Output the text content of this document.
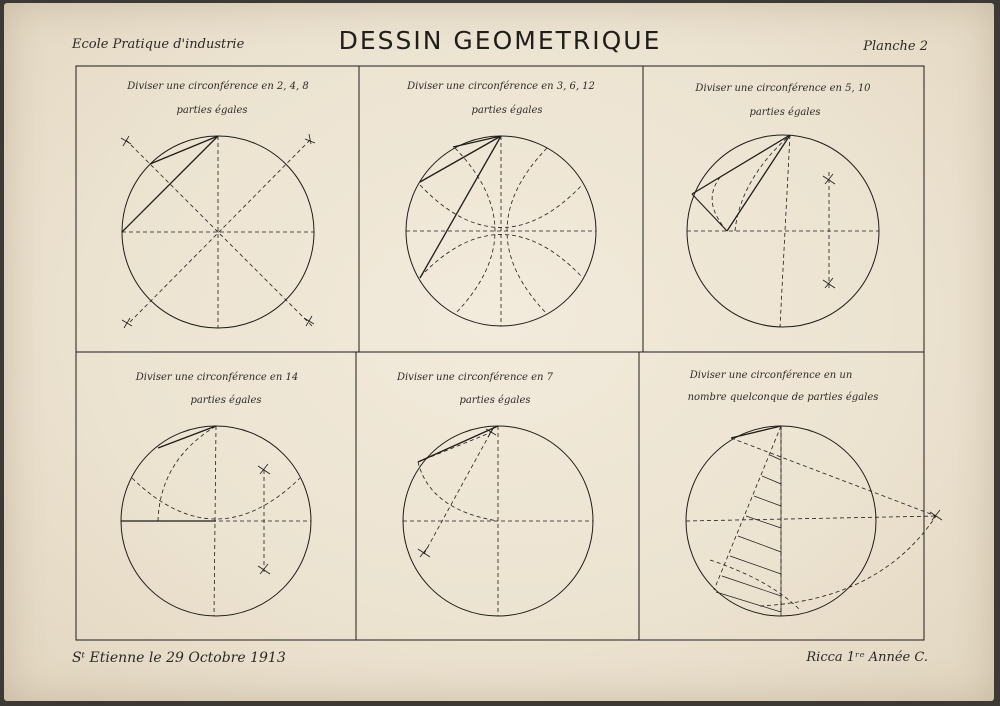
Ecole Pratique d'industrie	DESSIN GEOMETRIQUE	Planche 2
Diviser une circonférence en 2, 4, 8
parties égales
Diviser une circonférence en 3, 6, 12
parties égales
Diviser une circonférence en 5, 10
parties égales
Diviser une circonférence en 14
parties égales
Diviser une circonférence en 7
parties égales
Diviser une circonférence en un
nombre quelconque de parties égales
Sᵗ Etienne le 29 Octobre 1913	Ricca 1ʳᵉ Année C.
